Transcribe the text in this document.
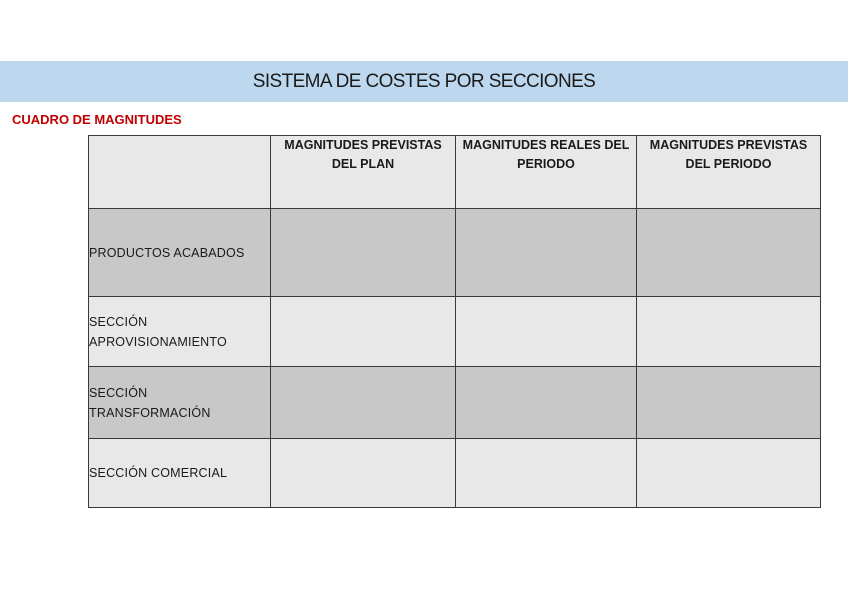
SISTEMA DE COSTES POR SECCIONES
CUADRO DE MAGNITUDES
	MAGNITUDES PREVISTAS DEL PLAN	MAGNITUDES REALES DEL PERIODO	MAGNITUDES PREVISTAS DEL PERIODO
PRODUCTOS ACABADOS			

SECCIÓN APROVISIONAMIENTO			

SECCIÓN TRANSFORMACIÓN			

SECCIÓN COMERCIAL			
